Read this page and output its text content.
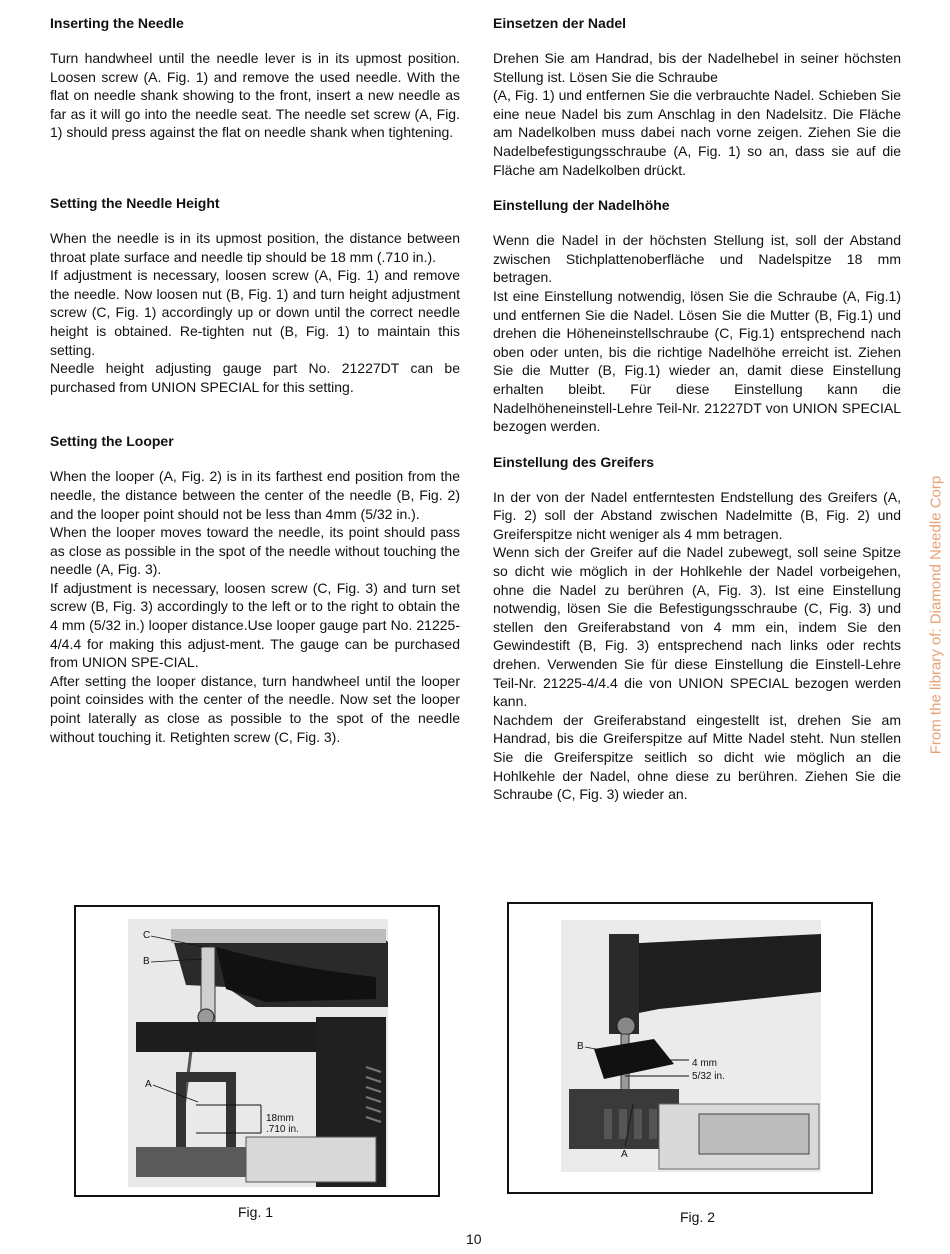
Inserting the Needle

Turn handwheel until the needle lever is in its upmost position. Loosen screw (A. Fig. 1) and remove the used needle. With the flat on needle shank showing to the front, insert a new needle as far as it will go into the needle seat. The needle set screw (A, Fig. 1) should press against the flat on needle shank when tightening.

Setting the Needle Height

When the needle is in its upmost position, the distance between throat plate surface and needle tip should be 18 mm (.710 in.).
If adjustment is necessary, loosen screw (A, Fig. 1) and remove the needle. Now loosen nut (B, Fig. 1) and turn height adjustment screw (C, Fig. 1) accordingly up or down until the correct needle height is obtained. Re-tighten nut (B, Fig. 1) to maintain this setting.
Needle height adjusting gauge part No. 21227DT can be purchased from UNION SPECIAL for this setting.

Setting the Looper

When the looper (A, Fig. 2) is in its farthest end position from the needle, the distance between the center of the needle (B, Fig. 2) and the looper point should not be less than 4mm (5/32 in.).
When the looper moves toward the needle, its point should pass as close as possible in the spot of the needle without touching the needle (A, Fig. 3).
If adjustment is necessary, loosen screw (C, Fig. 3) and turn set screw (B, Fig. 3) accordingly to the left or to the right to obtain the 4 mm (5/32 in.) looper distance.Use looper gauge part No. 21225-4/4.4 for making this adjust-ment. The gauge can be purchased from UNION SPE-CIAL.
After setting the looper distance, turn handwheel until the looper point coinsides with the center of the needle. Now set the looper point laterally as close as possible to the spot of the needle without touching it. Retighten screw (C, Fig. 3).

Einsetzen der Nadel

Drehen Sie am Handrad, bis der Nadelhebel in seiner höchsten Stellung ist. Lösen Sie die Schraube
(A, Fig. 1) und entfernen Sie die verbrauchte Nadel. Schieben Sie eine neue Nadel bis zum Anschlag in den Nadelsitz. Die Fläche am Nadelkolben muss dabei nach vorne zeigen. Ziehen Sie die Nadelbefestigungsschraube (A, Fig. 1) so an, dass sie auf die Fläche am Nadelkolben drückt.

Einstellung der Nadelhöhe

Wenn die Nadel in der höchsten Stellung ist, soll der Abstand zwischen Stichplattenoberfläche und Nadelspitze 18 mm betragen.
Ist eine Einstellung notwendig, lösen Sie die Schraube (A, Fig.1) und entfernen Sie die Nadel. Lösen Sie die Mutter (B, Fig.1) und drehen die Höheneinstellschraube (C, Fig.1) entsprechend nach oben oder unten, bis die richtige Nadelhöhe erreicht ist. Ziehen Sie die Mutter (B, Fig.1) wieder an, damit diese Einstellung erhalten bleibt. Für diese Einstellung kann die Nadelhöheneinstell-Lehre Teil-Nr. 21227DT von UNION SPECIAL bezogen werden.

Einstellung des Greifers

In der von der Nadel entferntesten Endstellung des Greifers (A, Fig. 2) soll der Abstand zwischen Nadelmitte (B, Fig. 2) und Greiferspitze nicht weniger als 4 mm betragen.
Wenn sich der Greifer auf die Nadel zubewegt, soll seine Spitze so dicht wie möglich in der Hohlkehle der Nadel vorbeigehen, ohne die Nadel zu berühren (A, Fig. 3). Ist eine Einstellung notwendig, lösen Sie die Befestigungsschraube (C, Fig. 3) und stellen den Greiferabstand von 4 mm ein, indem Sie den Gewindestift (B, Fig. 3) entsprechend nach links oder rechts drehen. Verwenden Sie für diese Einstellung die Einstell-Lehre Teil-Nr. 21225-4/4.4 die von UNION SPECIAL bezogen werden kann.
Nachdem der Greiferabstand eingestellt ist, drehen Sie am Handrad, bis die Greiferspitze auf Mitte Nadel steht. Nun stellen Sie die Greiferspitze seitlich so dicht wie möglich an die Hohlkehle der Nadel, ohne diese zu berühren. Ziehen Sie die Schraube (C, Fig. 3) wieder an.

From the library of: Diamond Needle Corp
18mm
.710 in.
C
B
A
Fig. 1
4 mm
5/32 in.
B
A
Fig. 2
10
